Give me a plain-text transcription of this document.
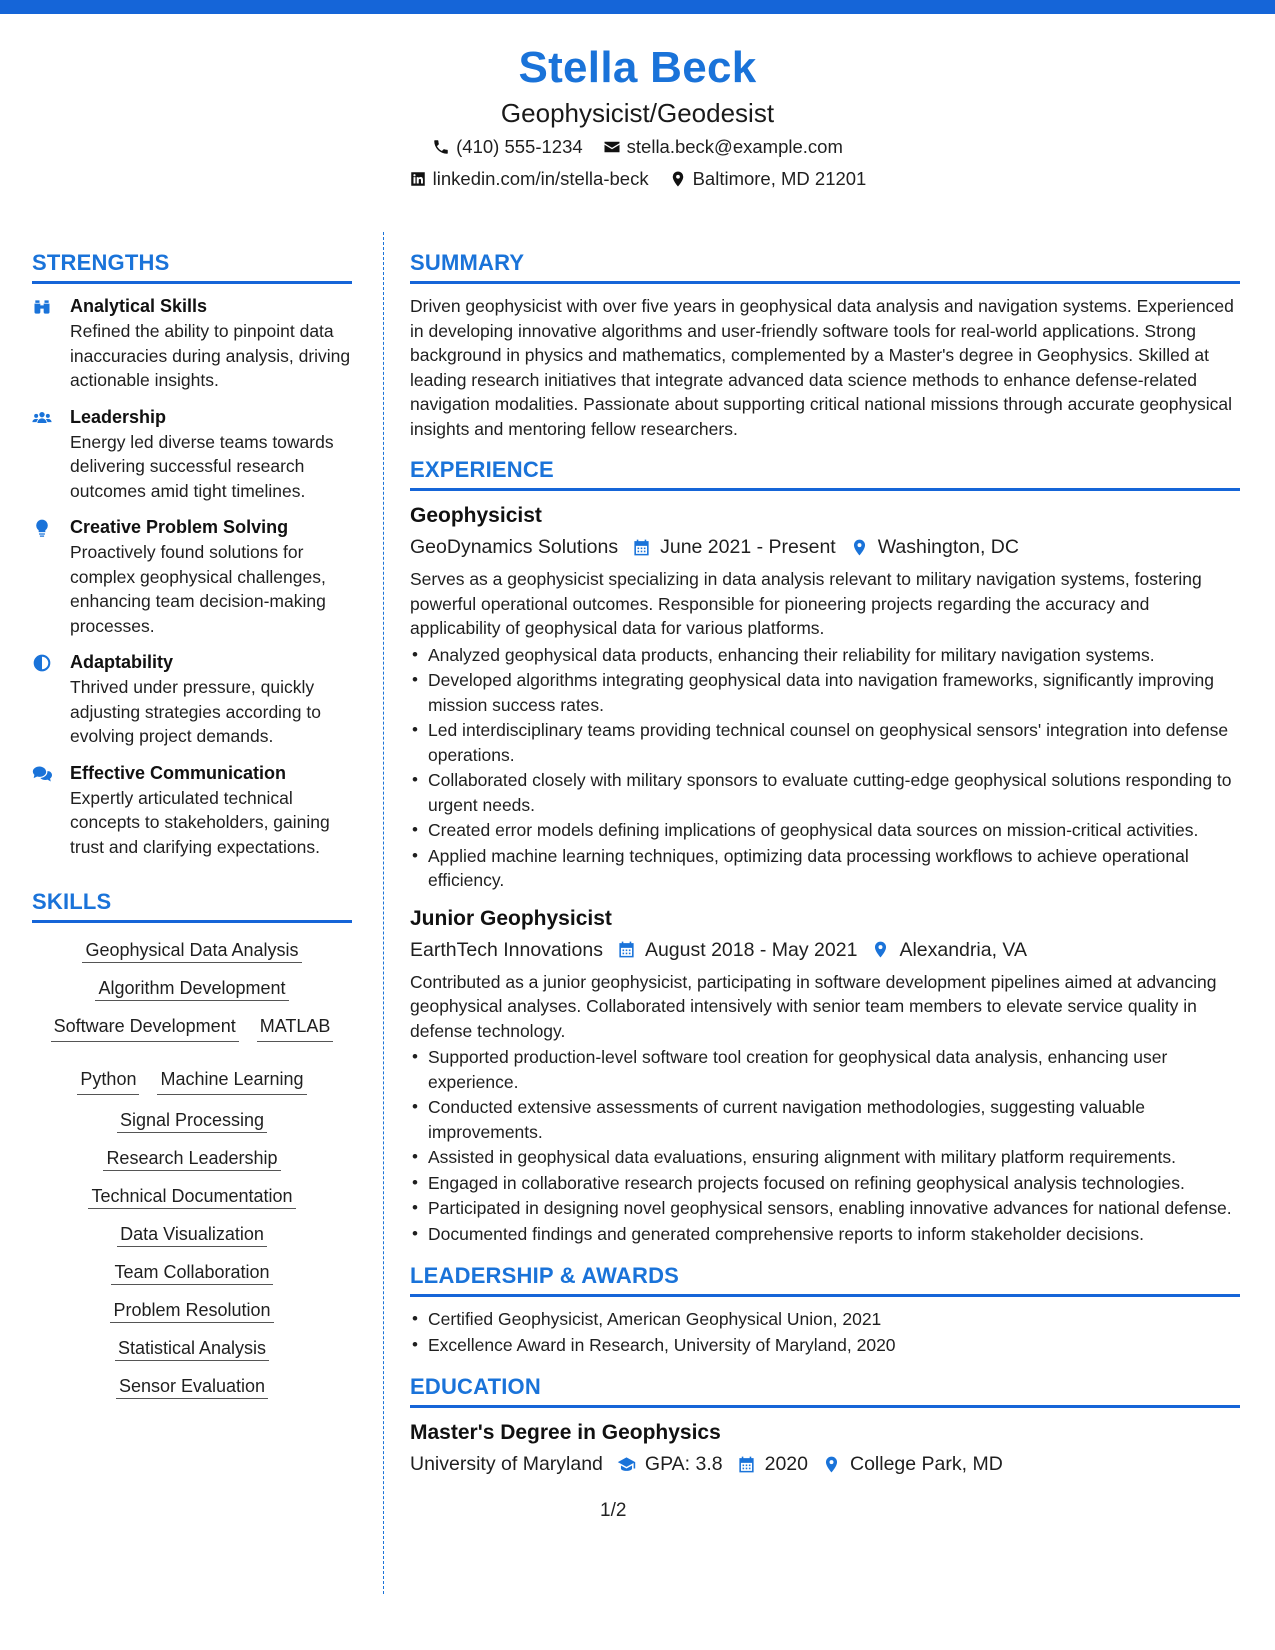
Stella Beck
Geophysicist/Geodesist
(410) 555-1234 stella.beck@example.com
linkedin.com/in/stella-beck Baltimore, MD 21201
STRENGTHS
Analytical Skills
Refined the ability to pinpoint data inaccuracies during analysis, driving actionable insights.
Leadership
Energy led diverse teams towards delivering successful research outcomes amid tight timelines.
Creative Problem Solving
Proactively found solutions for complex geophysical challenges, enhancing team decision-making processes.
Adaptability
Thrived under pressure, quickly adjusting strategies according to evolving project demands.
Effective Communication
Expertly articulated technical concepts to stakeholders, gaining trust and clarifying expectations.
SKILLS
Geophysical Data Analysis
Algorithm Development
Software Development MATLAB
Python Machine Learning
Signal Processing
Research Leadership
Technical Documentation
Data Visualization
Team Collaboration
Problem Resolution
Statistical Analysis
Sensor Evaluation
SUMMARY
Driven geophysicist with over five years in geophysical data analysis and navigation systems. Experienced in developing innovative algorithms and user-friendly software tools for real-world applications. Strong background in physics and mathematics, complemented by a Master's degree in Geophysics. Skilled at leading research initiatives that integrate advanced data science methods to enhance defense-related navigation modalities. Passionate about supporting critical national missions through accurate geophysical insights and mentoring fellow researchers.
EXPERIENCE
Geophysicist
GeoDynamics Solutions June 2021 - Present Washington, DC
Serves as a geophysicist specializing in data analysis relevant to military navigation systems, fostering powerful operational outcomes. Responsible for pioneering projects regarding the accuracy and applicability of geophysical data for various platforms.
• Analyzed geophysical data products, enhancing their reliability for military navigation systems.
• Developed algorithms integrating geophysical data into navigation frameworks, significantly improving mission success rates.
• Led interdisciplinary teams providing technical counsel on geophysical sensors' integration into defense operations.
• Collaborated closely with military sponsors to evaluate cutting-edge geophysical solutions responding to urgent needs.
• Created error models defining implications of geophysical data sources on mission-critical activities.
• Applied machine learning techniques, optimizing data processing workflows to achieve operational efficiency.
Junior Geophysicist
EarthTech Innovations August 2018 - May 2021 Alexandria, VA
Contributed as a junior geophysicist, participating in software development pipelines aimed at advancing geophysical analyses. Collaborated intensively with senior team members to elevate service quality in defense technology.
• Supported production-level software tool creation for geophysical data analysis, enhancing user experience.
• Conducted extensive assessments of current navigation methodologies, suggesting valuable improvements.
• Assisted in geophysical data evaluations, ensuring alignment with military platform requirements.
• Engaged in collaborative research projects focused on refining geophysical analysis technologies.
• Participated in designing novel geophysical sensors, enabling innovative advances for national defense.
• Documented findings and generated comprehensive reports to inform stakeholder decisions.
LEADERSHIP & AWARDS
• Certified Geophysicist, American Geophysical Union, 2021
• Excellence Award in Research, University of Maryland, 2020
EDUCATION
Master's Degree in Geophysics
University of Maryland GPA: 3.8 2020 College Park, MD
1/2
